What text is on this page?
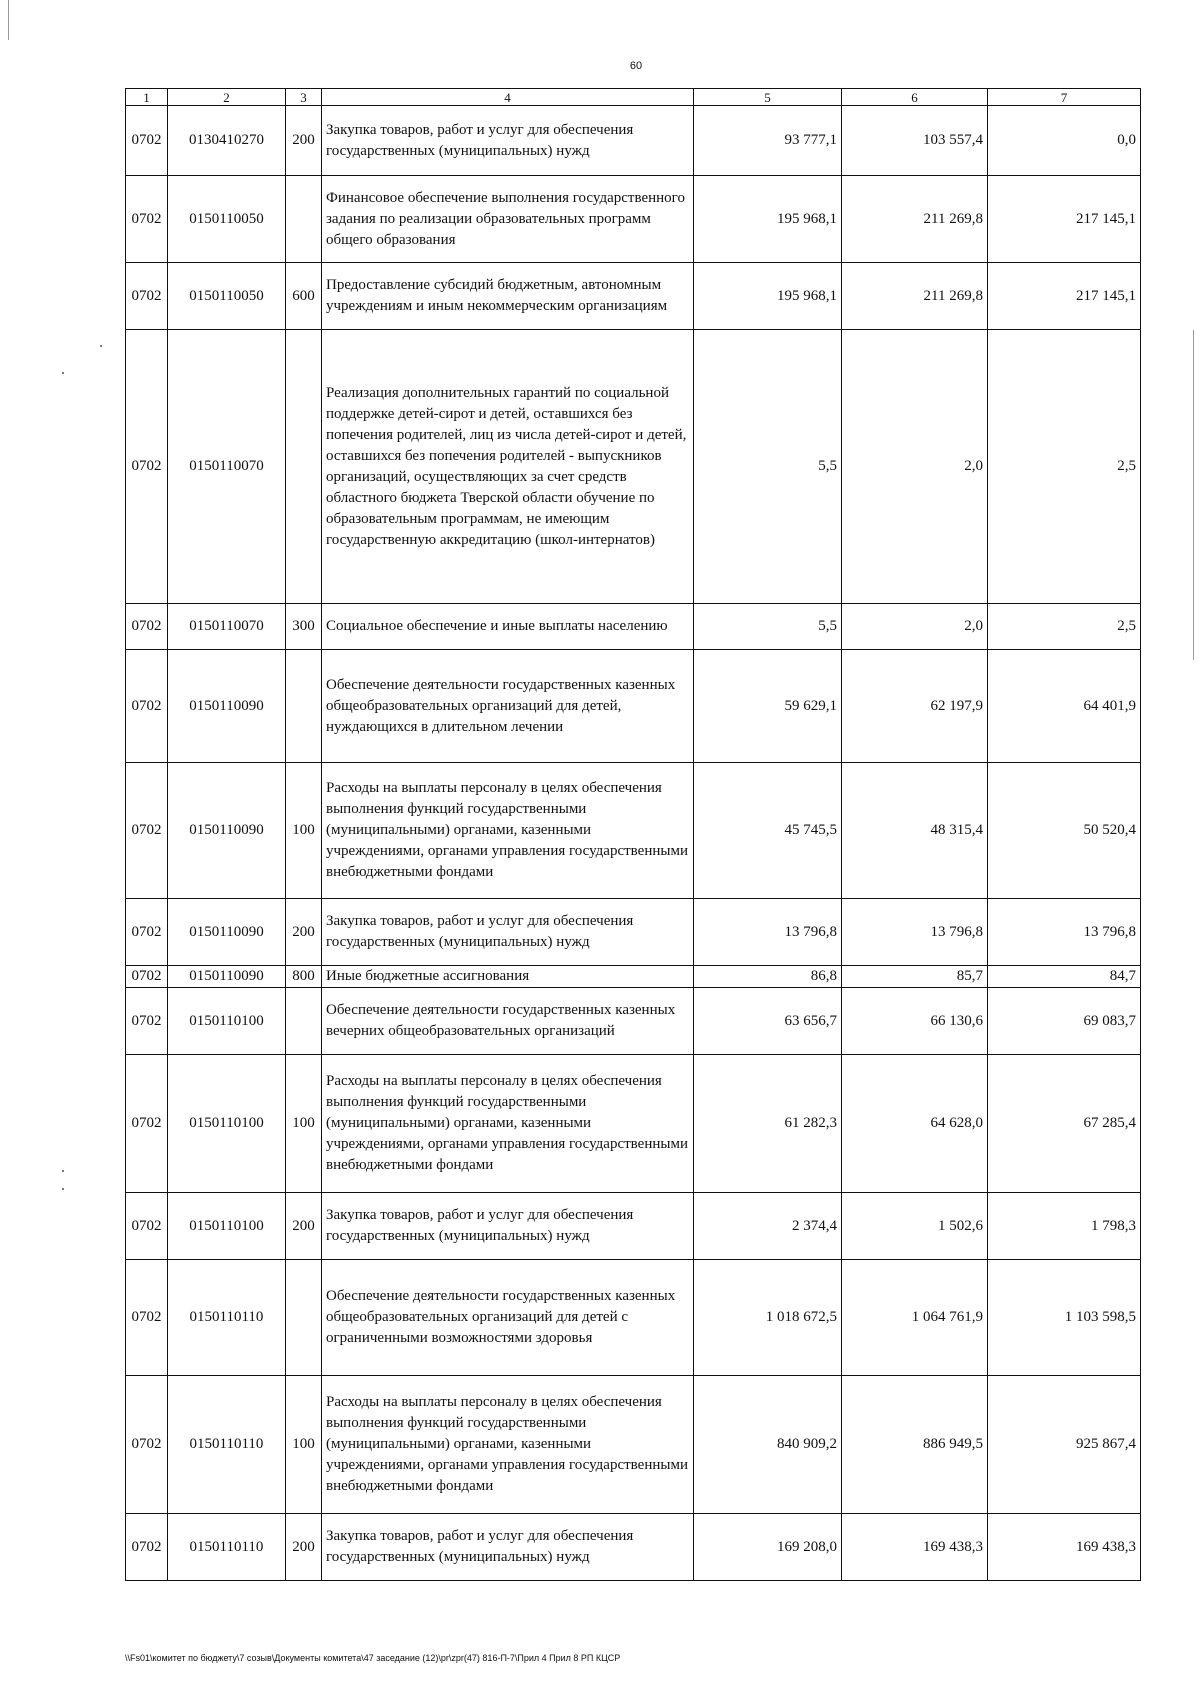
60
1	2	3	4	5	6	7
0702	0130410270	200	Закупка товаров, работ и услуг для обеспечения государственных (муниципальных) нужд	93 777,1	103 557,4	0,0
0702	0150110050		Финансовое обеспечение выполнения государственного задания по реализации образовательных программ общего образования	195 968,1	211 269,8	217 145,1
0702	0150110050	600	Предоставление субсидий бюджетным, автономным учреждениям и иным некоммерческим организациям	195 968,1	211 269,8	217 145,1
0702	0150110070		Реализация дополнительных гарантий по социальной поддержке детей-сирот и детей, оставшихся без попечения родителей, лиц из числа детей-сирот и детей, оставшихся без попечения родителей - выпускников организаций, осуществляющих за счет средств областного бюджета Тверской области обучение по образовательным программам, не имеющим государственную аккредитацию (школ-интернатов)	5,5	2,0	2,5
0702	0150110070	300	Социальное обеспечение и иные выплаты населению	5,5	2,0	2,5
0702	0150110090		Обеспечение деятельности государственных казенных общеобразовательных организаций для детей, нуждающихся в длительном лечении	59 629,1	62 197,9	64 401,9
0702	0150110090	100	Расходы на выплаты персоналу в целях обеспечения выполнения функций государственными (муниципальными) органами, казенными учреждениями, органами управления государственными внебюджетными фондами	45 745,5	48 315,4	50 520,4
0702	0150110090	200	Закупка товаров, работ и услуг для обеспечения государственных (муниципальных) нужд	13 796,8	13 796,8	13 796,8
0702	0150110090	800	Иные бюджетные ассигнования	86,8	85,7	84,7
0702	0150110100		Обеспечение деятельности государственных казенных вечерних общеобразовательных организаций	63 656,7	66 130,6	69 083,7
0702	0150110100	100	Расходы на выплаты персоналу в целях обеспечения выполнения функций государственными (муниципальными) органами, казенными учреждениями, органами управления государственными внебюджетными фондами	61 282,3	64 628,0	67 285,4
0702	0150110100	200	Закупка товаров, работ и услуг для обеспечения государственных (муниципальных) нужд	2 374,4	1 502,6	1 798,3
0702	0150110110		Обеспечение деятельности государственных казенных общеобразовательных организаций для детей с ограниченными возможностями здоровья	1 018 672,5	1 064 761,9	1 103 598,5
0702	0150110110	100	Расходы на выплаты персоналу в целях обеспечения выполнения функций государственными (муниципальными) органами, казенными учреждениями, органами управления государственными внебюджетными фондами	840 909,2	886 949,5	925 867,4
0702	0150110110	200	Закупка товаров, работ и услуг для обеспечения государственных (муниципальных) нужд	169 208,0	169 438,3	169 438,3
\\Fs01\комитет по бюджету\7 созыв\Документы комитета\47 заседание (12)\pr\zpr(47) 816-П-7\Прил 4 Прил 8 РП КЦСР
